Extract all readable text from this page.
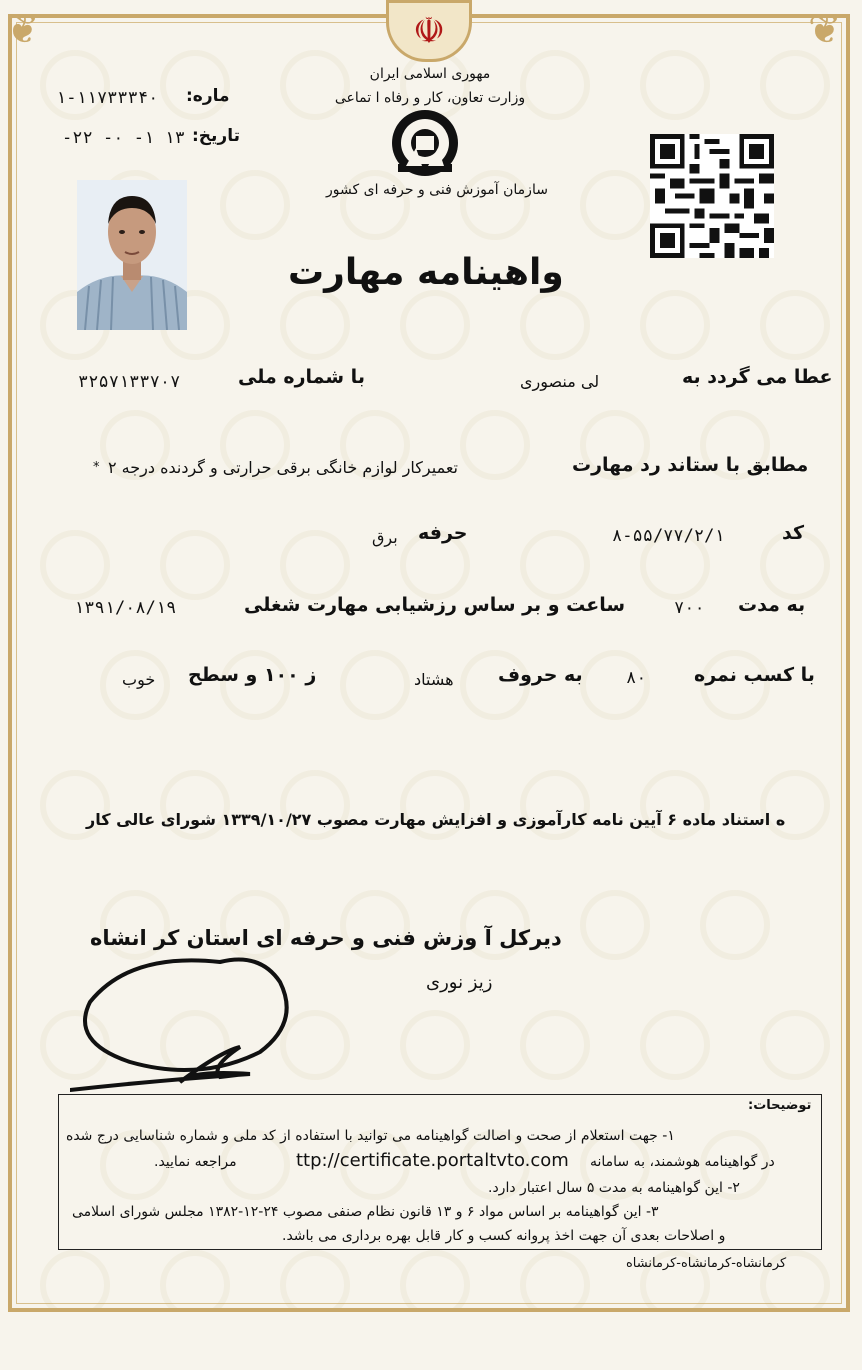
❦	❦
☫
مهوری اسلامی ایران
وزارت تعاون، کار و رفاه ا تماعی
سازمان آموزش فنی و حرفه ای کشور
ماره:
۱-۱۱۷۳۳۳۴۰
تاریخ:
۱۳ ۱- ۰- ۲۲-
واهینامه مهارت
عطا می گردد به
لی منصوری
با شماره ملی
۳۲۵۷۱۳۳۷۰۷
مطابق با ستاند رد مهارت
تعمیرکار لوازم خانگی برقی حرارتی و گردنده درجه ۲
*
کد
۸-۵۵/۷۷/۲/۱
حرفه
برق
به مدت
۷۰۰
ساعت و بر ساس رزشیابی مهارت شغلی
۱۳۹۱/۰۸/۱۹
با کسب نمره
۸۰
به حروف
هشتاد
ز ۱۰۰ و سطح
خوب
ه استناد ماده ۶ آیین نامه کارآموزی و افزایش مهارت مصوب ۱۳۳۹/۱۰/۲۷ شورای عالی کار
دیرکل آ وزش فنی و حرفه ای استان کر انشاه
زیز نوری
توضیحات:
۱- جهت استعلام از صحت و اصالت گواهینامه می توانید با استفاده از کد ملی و شماره شناسایی درج شده
در گواهینامه هوشمند، به سامانه
ttp://certificate.portaltvto.com
مراجعه نمایید.
۲- این گواهینامه به مدت ۵ سال اعتبار دارد.
۳- این گواهینامه بر اساس مواد ۶ و ۱۳ قانون نظام صنفی مصوب ۲۴-۱۲-۱۳۸۲ مجلس شورای اسلامی
و اصلاحات بعدی آن جهت اخذ پروانه کسب و کار قابل بهره برداری می باشد.
کرمانشاه-کرمانشاه-کرمانشاه
